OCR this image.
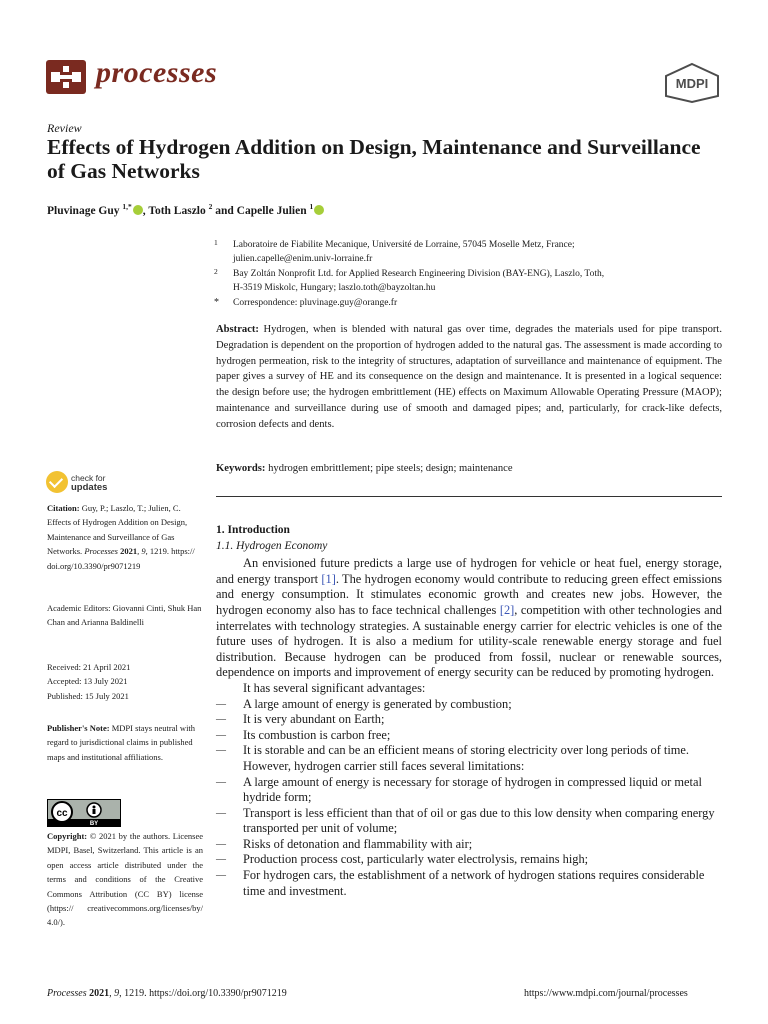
processes	MDPI
Review
Effects of Hydrogen Addition on Design, Maintenance and Surveillance of Gas Networks
Pluvinage Guy $^{1,*}$ , Toth Laszlo $^2$ and Capelle Julien $^1$
1 Laboratoire de Fiabilite Mecanique, Université de Lorraine, 57045 Moselle Metz, France;
julien.capelle@enim.univ-lorraine.fr
2 Bay Zoltán Nonprofit Ltd. for Applied Research Engineering Division (BAY-ENG), Laszlo, Toth,
H-3519 Miskolc, Hungary; laszlo.toth@bayzoltan.hu
* Correspondence: pluvinage.guy@orange.fr
Abstract: Hydrogen, when is blended with natural gas over time, degrades the materials used for pipe transport. Degradation is dependent on the proportion of hydrogen added to the natural gas. The assessment is made according to hydrogen permeation, risk to the integrity of structures, adaptation of surveillance and maintenance of equipment. The paper gives a survey of HE and its consequence on the design and maintenance. It is presented in a logical sequence: the design before use; the hydrogen embrittlement (HE) effects on Maximum Allowable Operating Pressure (MAOP); maintenance and surveillance during use of smooth and damaged pipes; and, particularly, for crack-like defects, corrosion defects and dents.
Keywords: hydrogen embrittlement; pipe steels; design; maintenance
check for
updates
Citation: Guy, P.; Laszlo, T.; Julien, C. Effects of Hydrogen Addition on Design, Maintenance and Surveillance of Gas Networks. Processes 2021, 9, 1219. https:// doi.org/10.3390/pr9071219
Academic Editors: Giovanni Cinti, Shuk Han Chan and Arianna Baldinelli
Received: 21 April 2021
Accepted: 13 July 2021
Published: 15 July 2021
Publisher's Note: MDPI stays neutral with regard to jurisdictional claims in published maps and institutional affiliations.
cc
BY
Copyright: © 2021 by the authors. Licensee MDPI, Basel, Switzerland. This article is an open access article distributed under the terms and conditions of the Creative Commons Attribution (CC BY) license (https:// creativecommons.org/licenses/by/ 4.0/).
1. Introduction
1.1. Hydrogen Economy

An envisioned future predicts a large use of hydrogen for vehicle or heat fuel, energy storage, and energy transport [1]. The hydrogen economy would contribute to reducing green effect emissions and energy consumption. It stimulates economic growth and creates new jobs. However, the hydrogen economy also has to face technical challenges [2], competition with other technologies and interrelates with technology strategies. A sustainable energy carrier for electric vehicles is one of the future uses of hydrogen. It is also a medium for utility-scale renewable energy storage and fuel distribution. Because hydrogen can be produced from fossil, nuclear or renewable sources, dependence on imports and improvement of energy security can be reduced by promoting hydrogen.

It has several significant advantages:

— A large amount of energy is generated by combustion;
— It is very abundant on Earth;
— Its combustion is carbon free;
— It is storable and can be an efficient means of storing electricity over long periods of time.

However, hydrogen carrier still faces several limitations:

— A large amount of energy is necessary for storage of hydrogen in compressed liquid or metal hydride form;
— Transport is less efficient than that of oil or gas due to this low density when comparing energy transported per unit of volume;
— Risks of detonation and flammability with air;
— Production process cost, particularly water electrolysis, remains high;
— For hydrogen cars, the establishment of a network of hydrogen stations requires considerable time and investment.
Processes 2021, 9, 1219. https://doi.org/10.3390/pr9071219	https://www.mdpi.com/journal/processes
